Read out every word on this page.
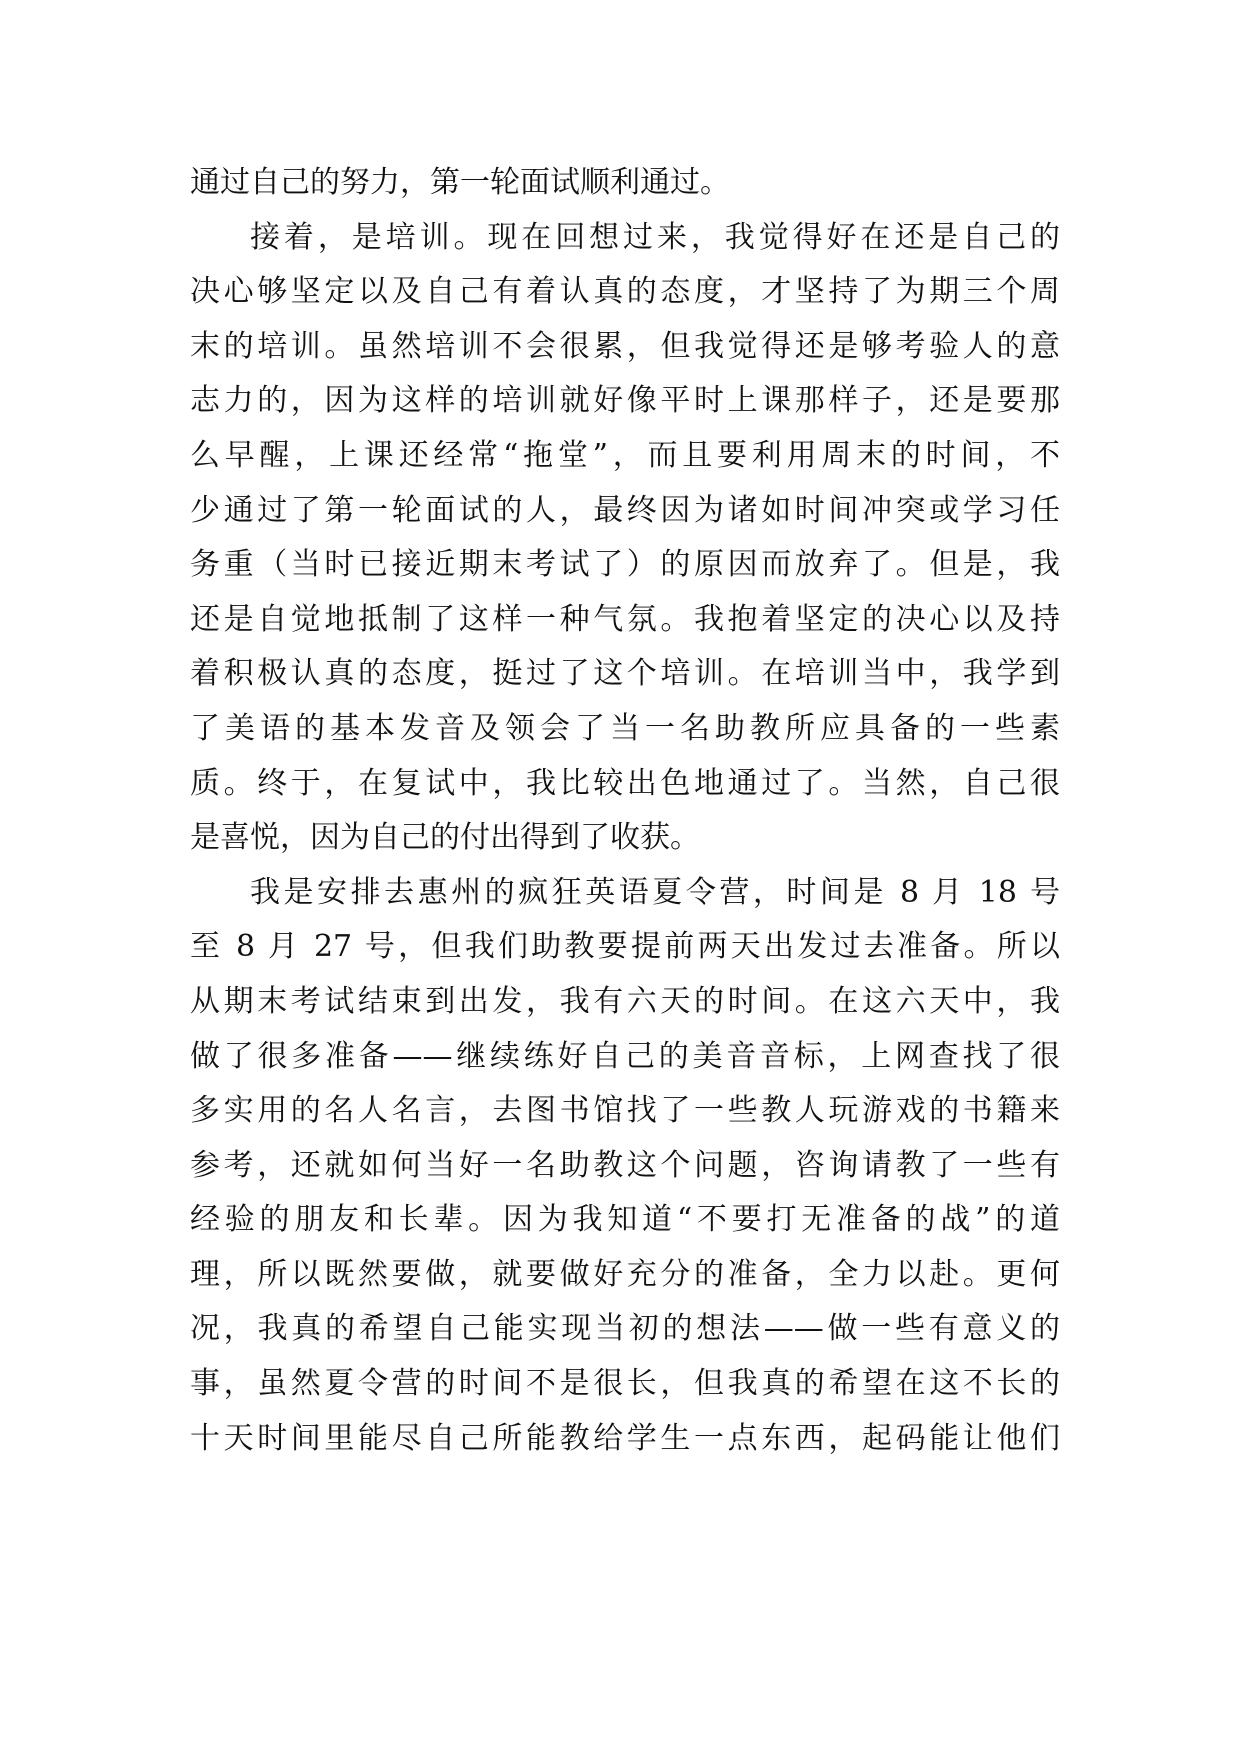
通过自己的努力，第一轮面试顺利通过。
接着，是培训。现在回想过来，我觉得好在还是自己的
决心够坚定以及自己有着认真的态度，才坚持了为期三个周
末的培训。虽然培训不会很累，但我觉得还是够考验人的意
志力的，因为这样的培训就好像平时上课那样子，还是要那
么早醒，上课还经常“拖堂”，而且要利用周末的时间，不
少通过了第一轮面试的人，最终因为诸如时间冲突或学习任
务重（当时已接近期末考试了）的原因而放弃了。但是，我
还是自觉地抵制了这样一种气氛。我抱着坚定的决心以及持
着积极认真的态度，挺过了这个培训。在培训当中，我学到
了美语的基本发音及领会了当一名助教所应具备的一些素
质。终于，在复试中，我比较出色地通过了。当然，自己很
是喜悦，因为自己的付出得到了收获。
我是安排去惠州的疯狂英语夏令营，时间是 8 月 18 号
至 8 月 27 号，但我们助教要提前两天出发过去准备。所以
从期末考试结束到出发，我有六天的时间。在这六天中，我
做了很多准备——继续练好自己的美音音标，上网查找了很
多实用的名人名言，去图书馆找了一些教人玩游戏的书籍来
参考，还就如何当好一名助教这个问题，咨询请教了一些有
经验的朋友和长辈。因为我知道“不要打无准备的战”的道
理，所以既然要做，就要做好充分的准备，全力以赴。更何
况，我真的希望自己能实现当初的想法——做一些有意义的
事，虽然夏令营的时间不是很长，但我真的希望在这不长的
十天时间里能尽自己所能教给学生一点东西，起码能让他们
